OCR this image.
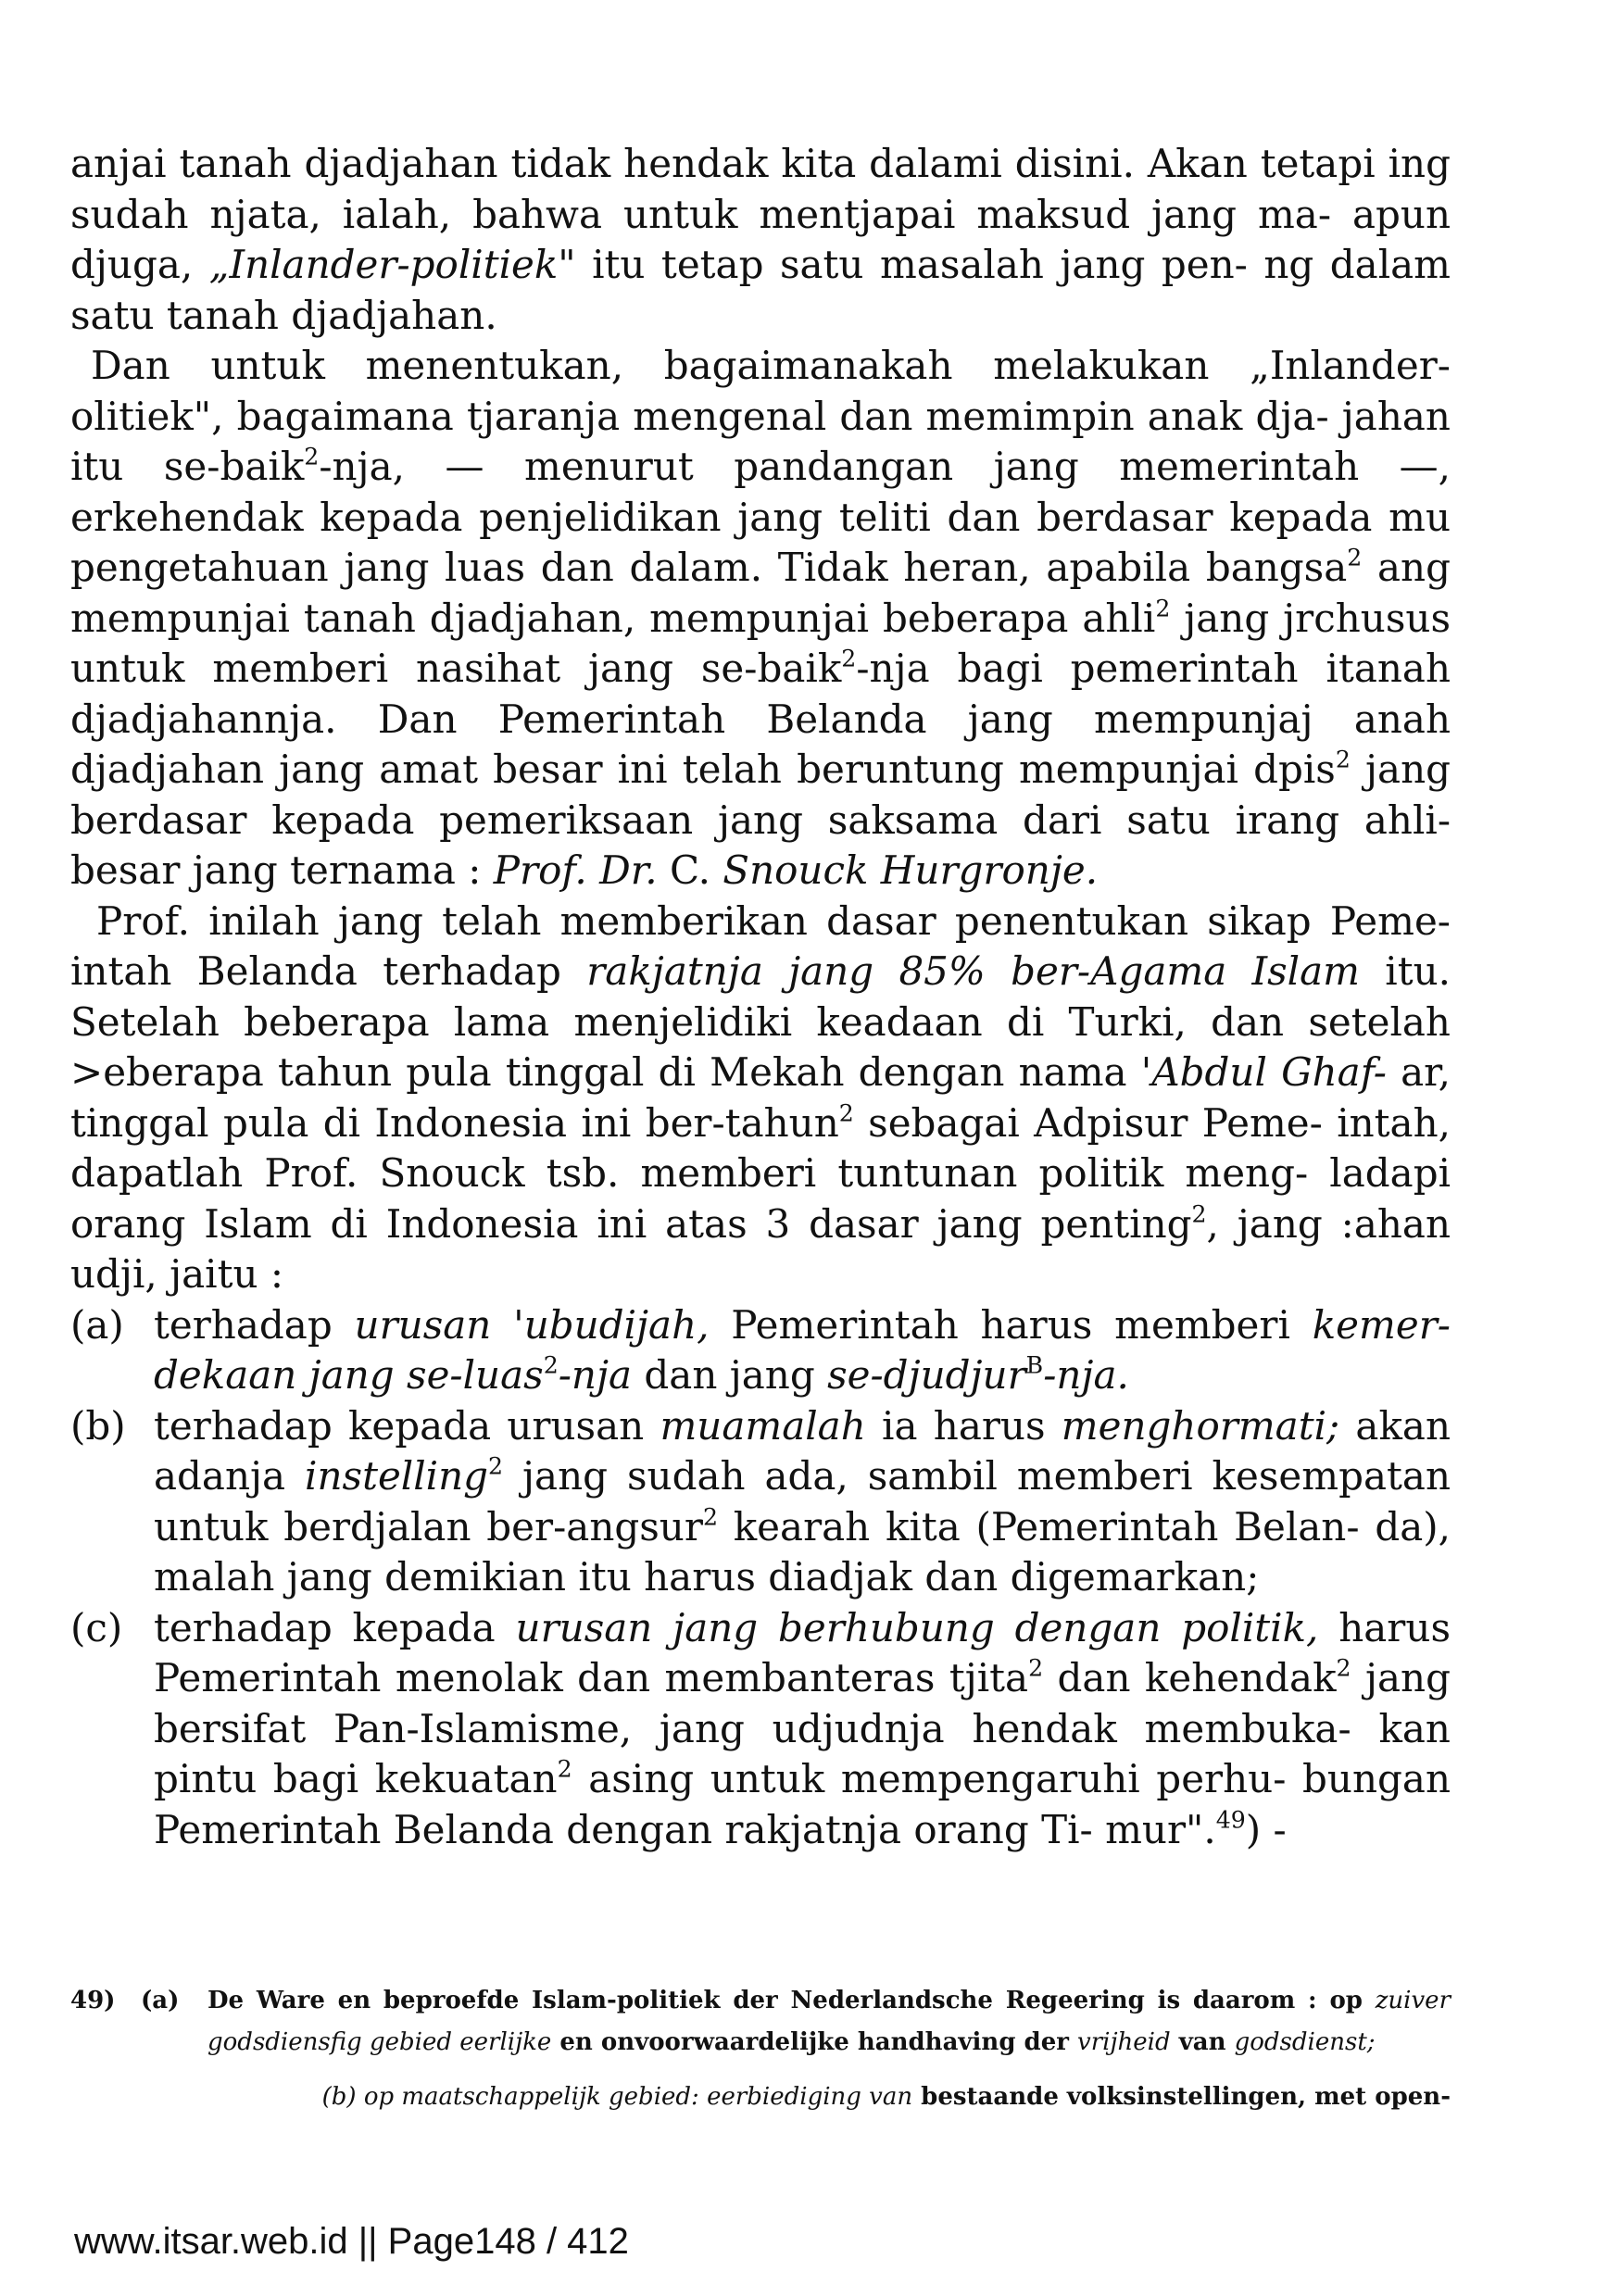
anjai tanah djadjahan tidak hendak kita dalami disini. Akan tetapi ing sudah njata, ialah, bahwa untuk mentjapai maksud jang ma- apun djuga, „Inlander-politiek" itu tetap satu masalah jang pen- ng dalam satu tanah djadjahan.

Dan untuk menentukan, bagaimanakah melakukan „Inlander- olitiek", bagaimana tjaranja mengenal dan memimpin anak dja- jahan itu se-baik$^2$-nja, — menurut pandangan jang memerintah —, erkehendak kepada penjelidikan jang teliti dan berdasar kepada mu pengetahuan jang luas dan dalam. Tidak heran, apabila bangsa$^2$ ang mempunjai tanah djadjahan, mempunjai beberapa ahli$^2$ jang jrchusus untuk memberi nasihat jang se-baik$^2$-nja bagi pemerintah itanah djadjahannja. Dan Pemerintah Belanda jang mempunjaj anah djadjahan jang amat besar ini telah beruntung mempunjai dpis$^2$ jang berdasar kepada pemeriksaan jang saksama dari satu irang ahli-besar jang ternama : Prof. Dr. C. Snouck Hurgronje.

Prof. inilah jang telah memberikan dasar penentukan sikap Peme- intah Belanda terhadap rakjatnja jang 85% ber-Agama Islam itu. Setelah beberapa lama menjelidiki keadaan di Turki, dan setelah >eberapa tahun pula tinggal di Mekah dengan nama 'Abdul Ghaf- ar, tinggal pula di Indonesia ini ber-tahun$^2$ sebagai Adpisur Peme- intah, dapatlah Prof. Snouck tsb. memberi tuntunan politik meng- ladapi orang Islam di Indonesia ini atas 3 dasar jang penting$^2$, jang :ahan udji, jaitu :

(a) terhadap urusan 'ubudijah, Pemerintah harus memberi kemer- dekaan jang se-luas$^2$-nja dan jang se-djudjur$^B$-nja.

(b) terhadap kepada urusan muamalah ia harus menghormati; akan adanja instelling$^2$ jang sudah ada, sambil memberi kesempatan untuk berdjalan ber-angsur$^2$ kearah kita (Pemerintah Belan- da), malah jang demikian itu harus diadjak dan digemarkan;

(c) terhadap kepada urusan jang berhubung dengan politik, harus Pemerintah menolak dan membanteras tjita$^2$ dan kehendak$^2$ jang bersifat Pan-Islamisme, jang udjudnja hendak membuka- kan pintu bagi kekuatan$^2$ asing untuk mempengaruhi perhu- bungan Pemerintah Belanda dengan rakjatnja orang Ti- mur".$^{49}$) -

49) (a) De Ware en beproefde Islam-politiek der Nederlandsche Regeering is daarom : op zuiver godsdiensfig gebied eerlijke en onvoorwaardelijke handhaving der vrijheid van godsdienst;
(b) op maatschappelijk gebied: eerbiediging van bestaande volksinstellingen, met open-
www.itsar.web.id || Page148 / 412
